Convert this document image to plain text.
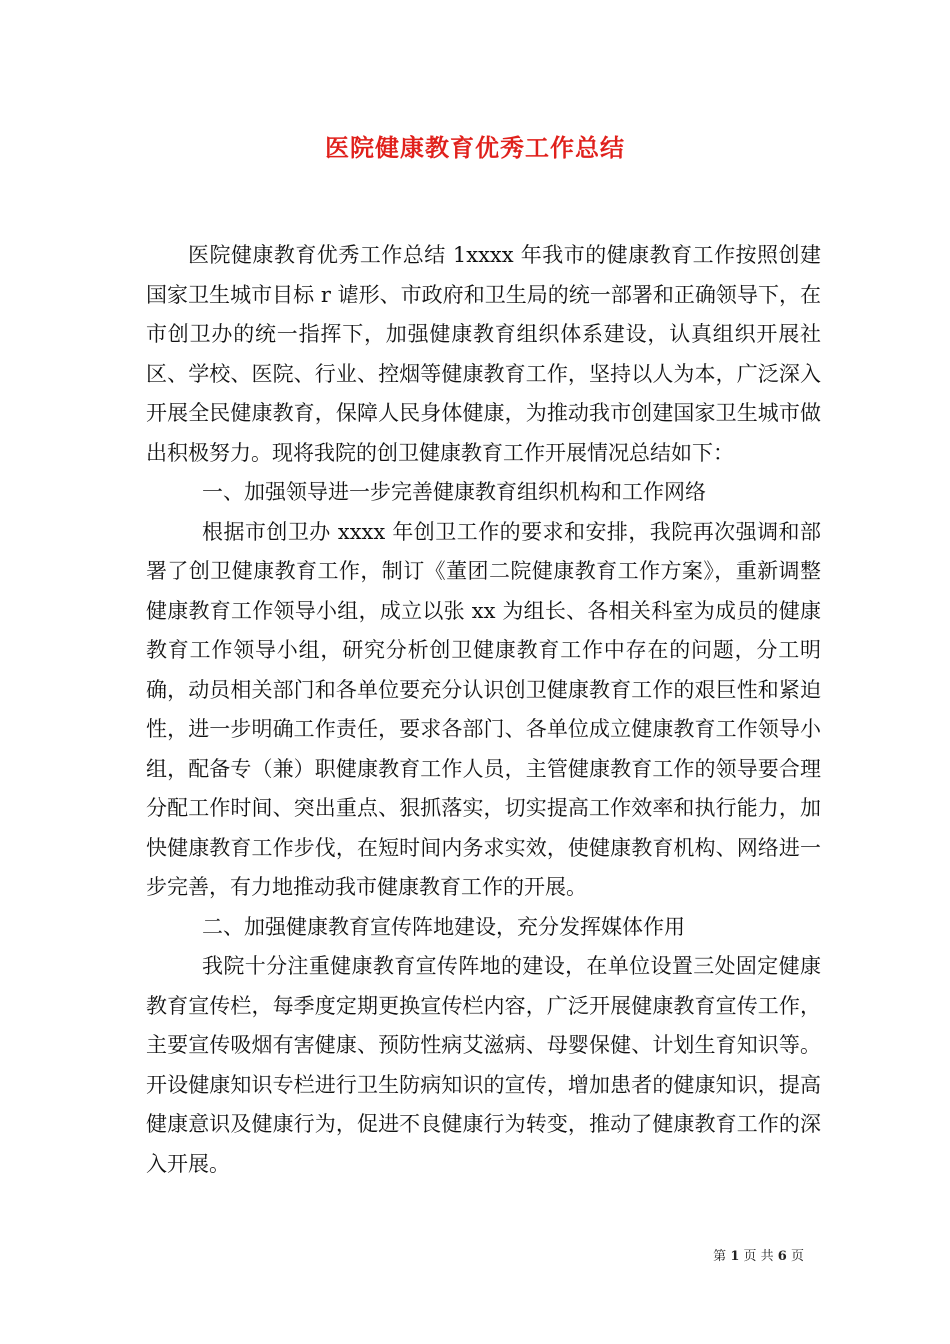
医院健康教育优秀工作总结

医院健康教育优秀工作总结 1xxxx 年我市的健康教育工作按照创建国家卫生城市目标 r 谑形、市政府和卫生局的统一部署和正确领导下，在市创卫办的统一指挥下，加强健康教育组织体系建设，认真组织开展社区、学校、医院、行业、控烟等健康教育工作，坚持以人为本，广泛深入开展全民健康教育，保障人民身体健康，为推动我市创建国家卫生城市做出积极努力。现将我院的创卫健康教育工作开展情况总结如下：

一、加强领导进一步完善健康教育组织机构和工作网络

根据市创卫办 xxxx 年创卫工作的要求和安排，我院再次强调和部署了创卫健康教育工作，制订《董团二院健康教育工作方案》，重新调整健康教育工作领导小组，成立以张 xx 为组长、各相关科室为成员的健康教育工作领导小组，研究分析创卫健康教育工作中存在的问题，分工明确，动员相关部门和各单位要充分认识创卫健康教育工作的艰巨性和紧迫性，进一步明确工作责任，要求各部门、各单位成立健康教育工作领导小组，配备专（兼）职健康教育工作人员，主管健康教育工作的领导要合理分配工作时间、突出重点、狠抓落实，切实提高工作效率和执行能力，加快健康教育工作步伐，在短时间内务求实效，使健康教育机构、网络进一步完善，有力地推动我市健康教育工作的开展。

二、加强健康教育宣传阵地建设，充分发挥媒体作用

我院十分注重健康教育宣传阵地的建设，在单位设置三处固定健康教育宣传栏，每季度定期更换宣传栏内容，广泛开展健康教育宣传工作，主要宣传吸烟有害健康、预防性病艾滋病、母婴保健、计划生育知识等。开设健康知识专栏进行卫生防病知识的宣传，增加患者的健康知识，提高健康意识及健康行为，促进不良健康行为转变，推动了健康教育工作的深入开展。

第 1 页 共 6 页
